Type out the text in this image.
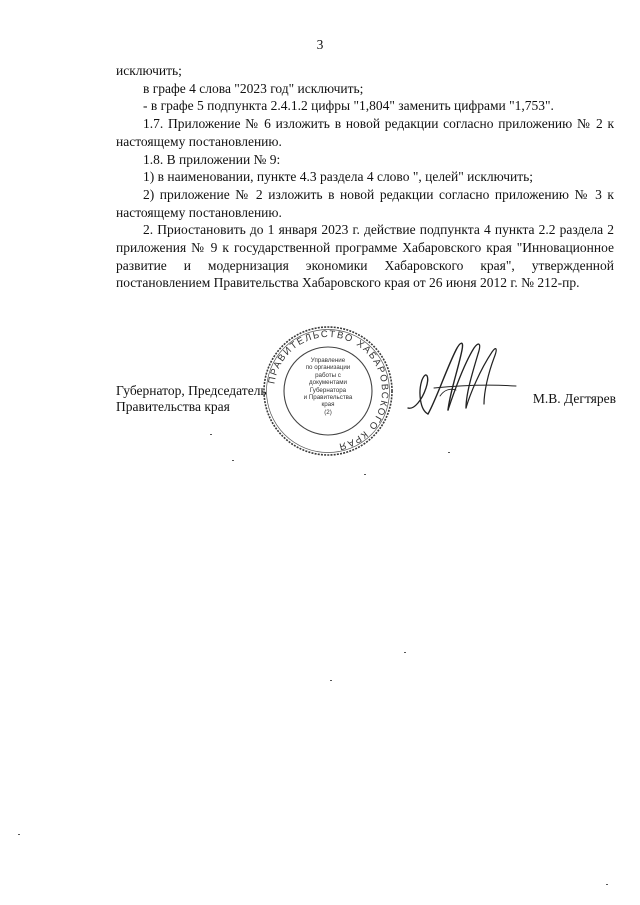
3

исключить;

в графе 4 слова "2023 год" исключить;

- в графе 5 подпункта 2.4.1.2 цифры "1,804" заменить цифрами "1,753".

1.7. Приложение № 6 изложить в новой редакции согласно приложению № 2 к настоящему постановлению.

1.8. В приложении № 9:

1) в наименовании, пункте 4.3 раздела 4 слово ", целей" исключить;

2) приложение № 2 изложить в новой редакции согласно приложению № 3 к настоящему постановлению.

2. Приостановить до 1 января 2023 г. действие подпункта 4 пункта 2.2 раздела 2 приложения № 9 к государственной программе Хабаровского края "Инновационное развитие и модернизация экономики Хабаровского края", утвержденной постановлением Правительства Хабаровского края от 26 июня 2012 г. № 212-пр.

Губернатор, Председатель
Правительства края	М.В. Дегтярев
ПРАВИТЕЛЬСТВО ХАБАРОВСКОГО КРАЯ
Управление
по организации
работы с документами
Губернатора
и Правительства
края
(2)
